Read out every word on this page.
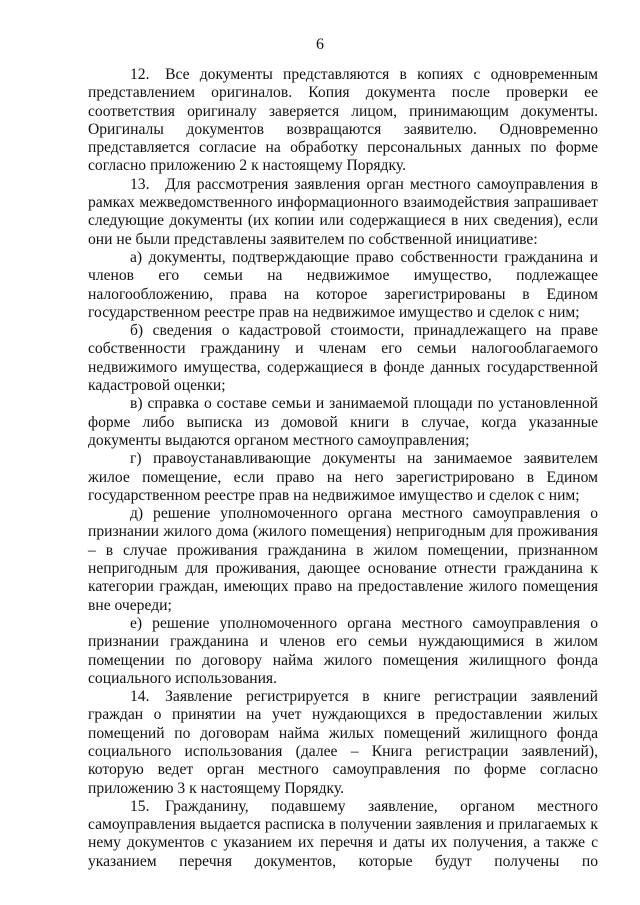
6

12. Все документы представляются в копиях с одновременным представлением оригиналов. Копия документа после проверки ее соответствия оригиналу заверяется лицом, принимающим документы. Оригиналы документов возвращаются заявителю. Одновременно представляется согласие на обработку персональных данных по форме согласно приложению 2 к настоящему Порядку.

13. Для рассмотрения заявления орган местного самоуправления в рамках межведомственного информационного взаимодействия запрашивает следующие документы (их копии или содержащиеся в них сведения), если они не были представлены заявителем по собственной инициативе:

а) документы, подтверждающие право собственности гражданина и членов его семьи на недвижимое имущество, подлежащее налогообложению, права на которое зарегистрированы в Едином государственном реестре прав на недвижимое имущество и сделок с ним;

б) сведения о кадастровой стоимости, принадлежащего на праве собственности гражданину и членам его семьи налогооблагаемого недвижимого имущества, содержащиеся в фонде данных государственной кадастровой оценки;

в) справка о составе семьи и занимаемой площади по установленной форме либо выписка из домовой книги в случае, когда указанные документы выдаются органом местного самоуправления;

г) правоустанавливающие документы на занимаемое заявителем жилое помещение, если право на него зарегистрировано в Едином государственном реестре прав на недвижимое имущество и сделок с ним;

д) решение уполномоченного органа местного самоуправления о признании жилого дома (жилого помещения) непригодным для проживания – в случае проживания гражданина в жилом помещении, признанном непригодным для проживания, дающее основание отнести гражданина к категории граждан, имеющих право на предоставление жилого помещения вне очереди;

е) решение уполномоченного органа местного самоуправления о признании гражданина и членов его семьи нуждающимися в жилом помещении по договору найма жилого помещения жилищного фонда социального использования.

14. Заявление регистрируется в книге регистрации заявлений граждан о принятии на учет нуждающихся в предоставлении жилых помещений по договорам найма жилых помещений жилищного фонда социального использования (далее – Книга регистрации заявлений), которую ведет орган местного самоуправления по форме согласно приложению 3 к настоящему Порядку.

15. Гражданину, подавшему заявление, органом местного самоуправления выдается расписка в получении заявления и прилагаемых к нему документов с указанием их перечня и даты их получения, а также с указанием перечня документов, которые будут получены по
